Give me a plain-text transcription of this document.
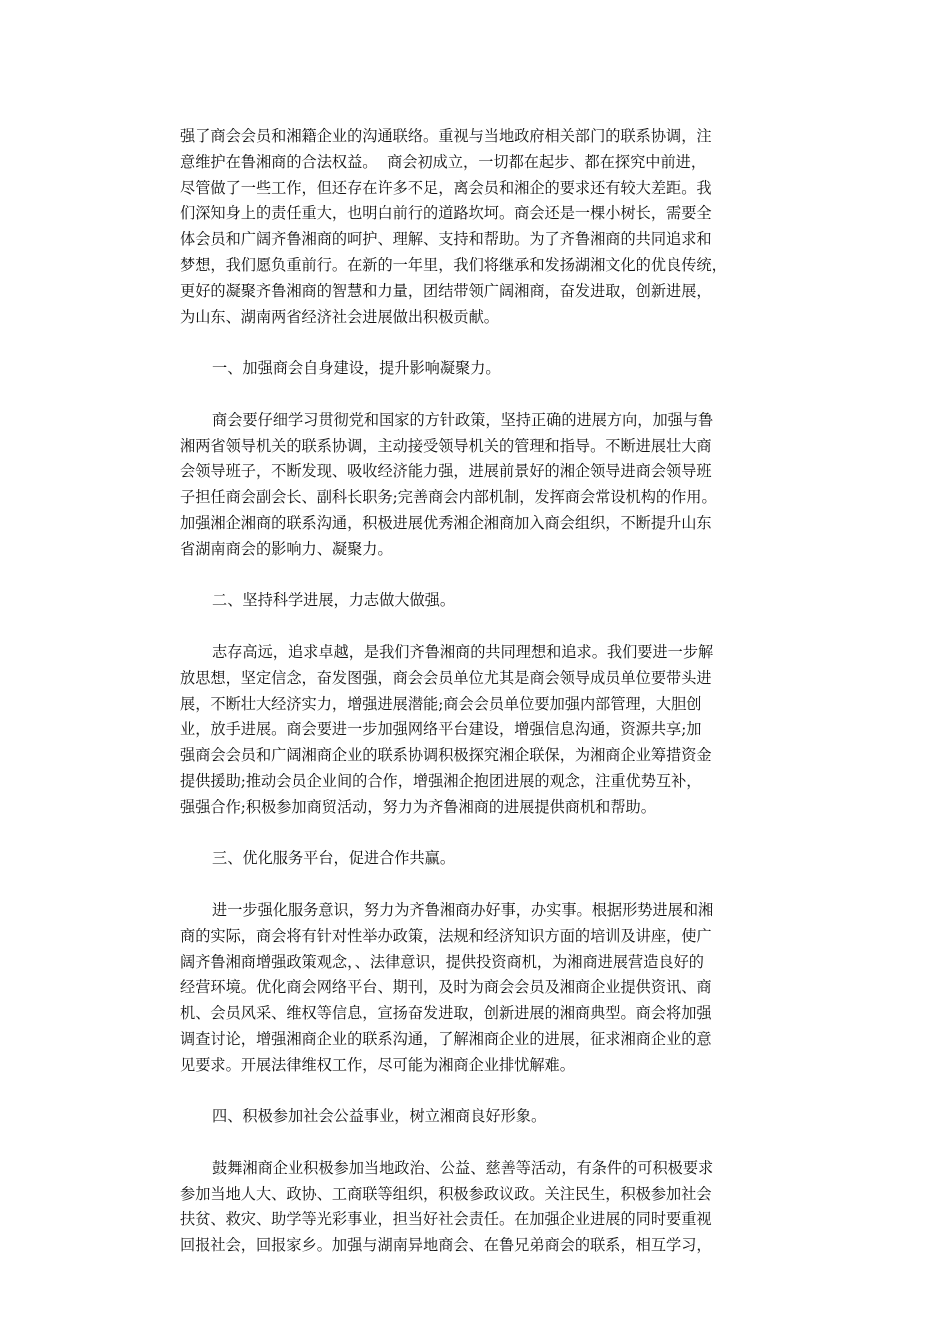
强了商会会员和湘籍企业的沟通联络。重视与当地政府相关部门的联系协调，注
意维护在鲁湘商的合法权益。  商会初成立，一切都在起步、都在探究中前进，
尽管做了一些工作，但还存在许多不足，离会员和湘企的要求还有较大差距。我
们深知身上的责任重大，也明白前行的道路坎坷。商会还是一棵小树长，需要全
体会员和广阔齐鲁湘商的呵护、理解、支持和帮助。为了齐鲁湘商的共同追求和
梦想，我们愿负重前行。在新的一年里，我们将继承和发扬湖湘文化的优良传统，
更好的凝聚齐鲁湘商的智慧和力量，团结带领广阔湘商，奋发进取，创新进展，
为山东、湖南两省经济社会进展做出积极贡献。
一、加强商会自身建设，提升影响凝聚力。
商会要仔细学习贯彻党和国家的方针政策，坚持正确的进展方向，加强与鲁
湘两省领导机关的联系协调，主动接受领导机关的管理和指导。不断进展壮大商
会领导班子，不断发现、吸收经济能力强，进展前景好的湘企领导进商会领导班
子担任商会副会长、副科长职务;完善商会内部机制，发挥商会常设机构的作用。
加强湘企湘商的联系沟通，积极进展优秀湘企湘商加入商会组织，不断提升山东
省湖南商会的影响力、凝聚力。
二、坚持科学进展，力志做大做强。
志存高远，追求卓越，是我们齐鲁湘商的共同理想和追求。我们要进一步解
放思想，坚定信念，奋发图强，商会会员单位尤其是商会领导成员单位要带头进
展，不断壮大经济实力，增强进展潜能;商会会员单位要加强内部管理，大胆创
业，放手进展。商会要进一步加强网络平台建设，增强信息沟通，资源共享;加
强商会会员和广阔湘商企业的联系协调积极探究湘企联保，为湘商企业筹措资金
提供援助;推动会员企业间的合作，增强湘企抱团进展的观念，注重优势互补，
强强合作;积极参加商贸活动，努力为齐鲁湘商的进展提供商机和帮助。
三、优化服务平台，促进合作共赢。
进一步强化服务意识，努力为齐鲁湘商办好事，办实事。根据形势进展和湘
商的实际，商会将有针对性举办政策，法规和经济知识方面的培训及讲座，使广
阔齐鲁湘商增强政策观念，、法律意识，提供投资商机，为湘商进展营造良好的
经营环境。优化商会网络平台、期刊，及时为商会会员及湘商企业提供资讯、商
机、会员风采、维权等信息，宣扬奋发进取，创新进展的湘商典型。商会将加强
调查讨论，增强湘商企业的联系沟通，了解湘商企业的进展，征求湘商企业的意
见要求。开展法律维权工作，尽可能为湘商企业排忧解难。
四、积极参加社会公益事业，树立湘商良好形象。
鼓舞湘商企业积极参加当地政治、公益、慈善等活动，有条件的可积极要求
参加当地人大、政协、工商联等组织，积极参政议政。关注民生，积极参加社会
扶贫、救灾、助学等光彩事业，担当好社会责任。在加强企业进展的同时要重视
回报社会，回报家乡。加强与湖南异地商会、在鲁兄弟商会的联系，相互学习，
